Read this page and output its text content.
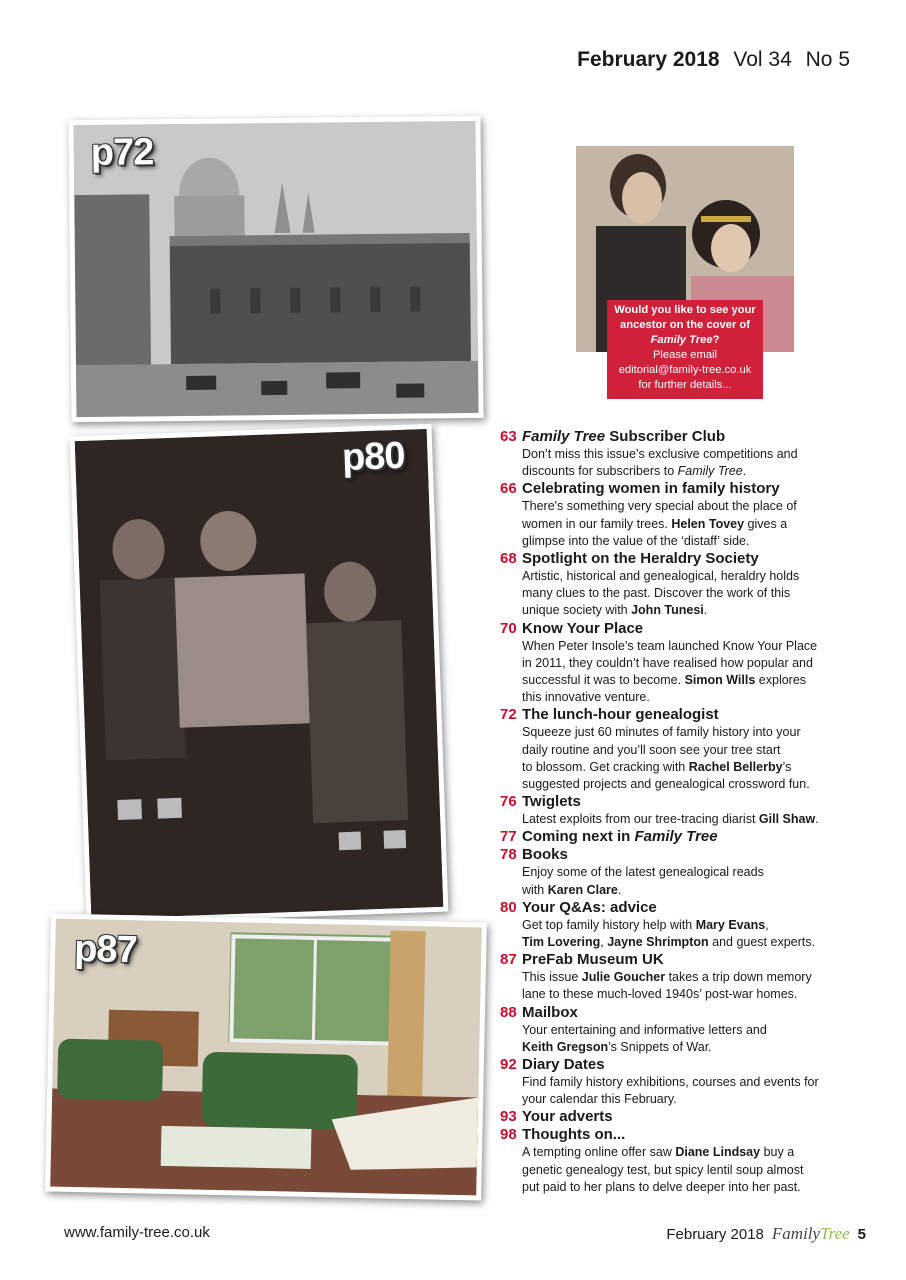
February 2018 Vol 34 No 5
p72
Would you like to see your
ancestor on the cover of
Family Tree?
Please email
editorial@family-tree.co.uk
for further details...
p80
p87
63 Family Tree Subscriber Club
Don’t miss this issue’s exclusive competitions and
discounts for subscribers to Family Tree.
66 Celebrating women in family history
There's something very special about the place of
women in our family trees. Helen Tovey gives a
glimpse into the value of the ‘distaff’ side.
68 Spotlight on the Heraldry Society
Artistic, historical and genealogical, heraldry holds
many clues to the past. Discover the work of this
unique society with John Tunesi.
70 Know Your Place
When Peter Insole’s team launched Know Your Place
in 2011, they couldn’t have realised how popular and
successful it was to become. Simon Wills explores
this innovative venture.
72 The lunch-hour genealogist
Squeeze just 60 minutes of family history into your
daily routine and you’ll soon see your tree start
to blossom. Get cracking with Rachel Bellerby’s
suggested projects and genealogical crossword fun.
76 Twiglets
Latest exploits from our tree-tracing diarist Gill Shaw.
77 Coming next in Family Tree
78 Books
Enjoy some of the latest genealogical reads
with Karen Clare.
80 Your Q&As: advice
Get top family history help with Mary Evans,
Tim Lovering, Jayne Shrimpton and guest experts.
87 PreFab Museum UK
This issue Julie Goucher takes a trip down memory
lane to these much-loved 1940s’ post-war homes.
88 Mailbox
Your entertaining and informative letters and
Keith Gregson’s Snippets of War.
92 Diary Dates
Find family history exhibitions, courses and events for
your calendar this February.
93 Your adverts
98 Thoughts on...
A tempting online offer saw Diane Lindsay buy a
genetic genealogy test, but spicy lentil soup almost
put paid to her plans to delve deeper into her past.
www.family-tree.co.uk	February 2018 FamilyTree 5
